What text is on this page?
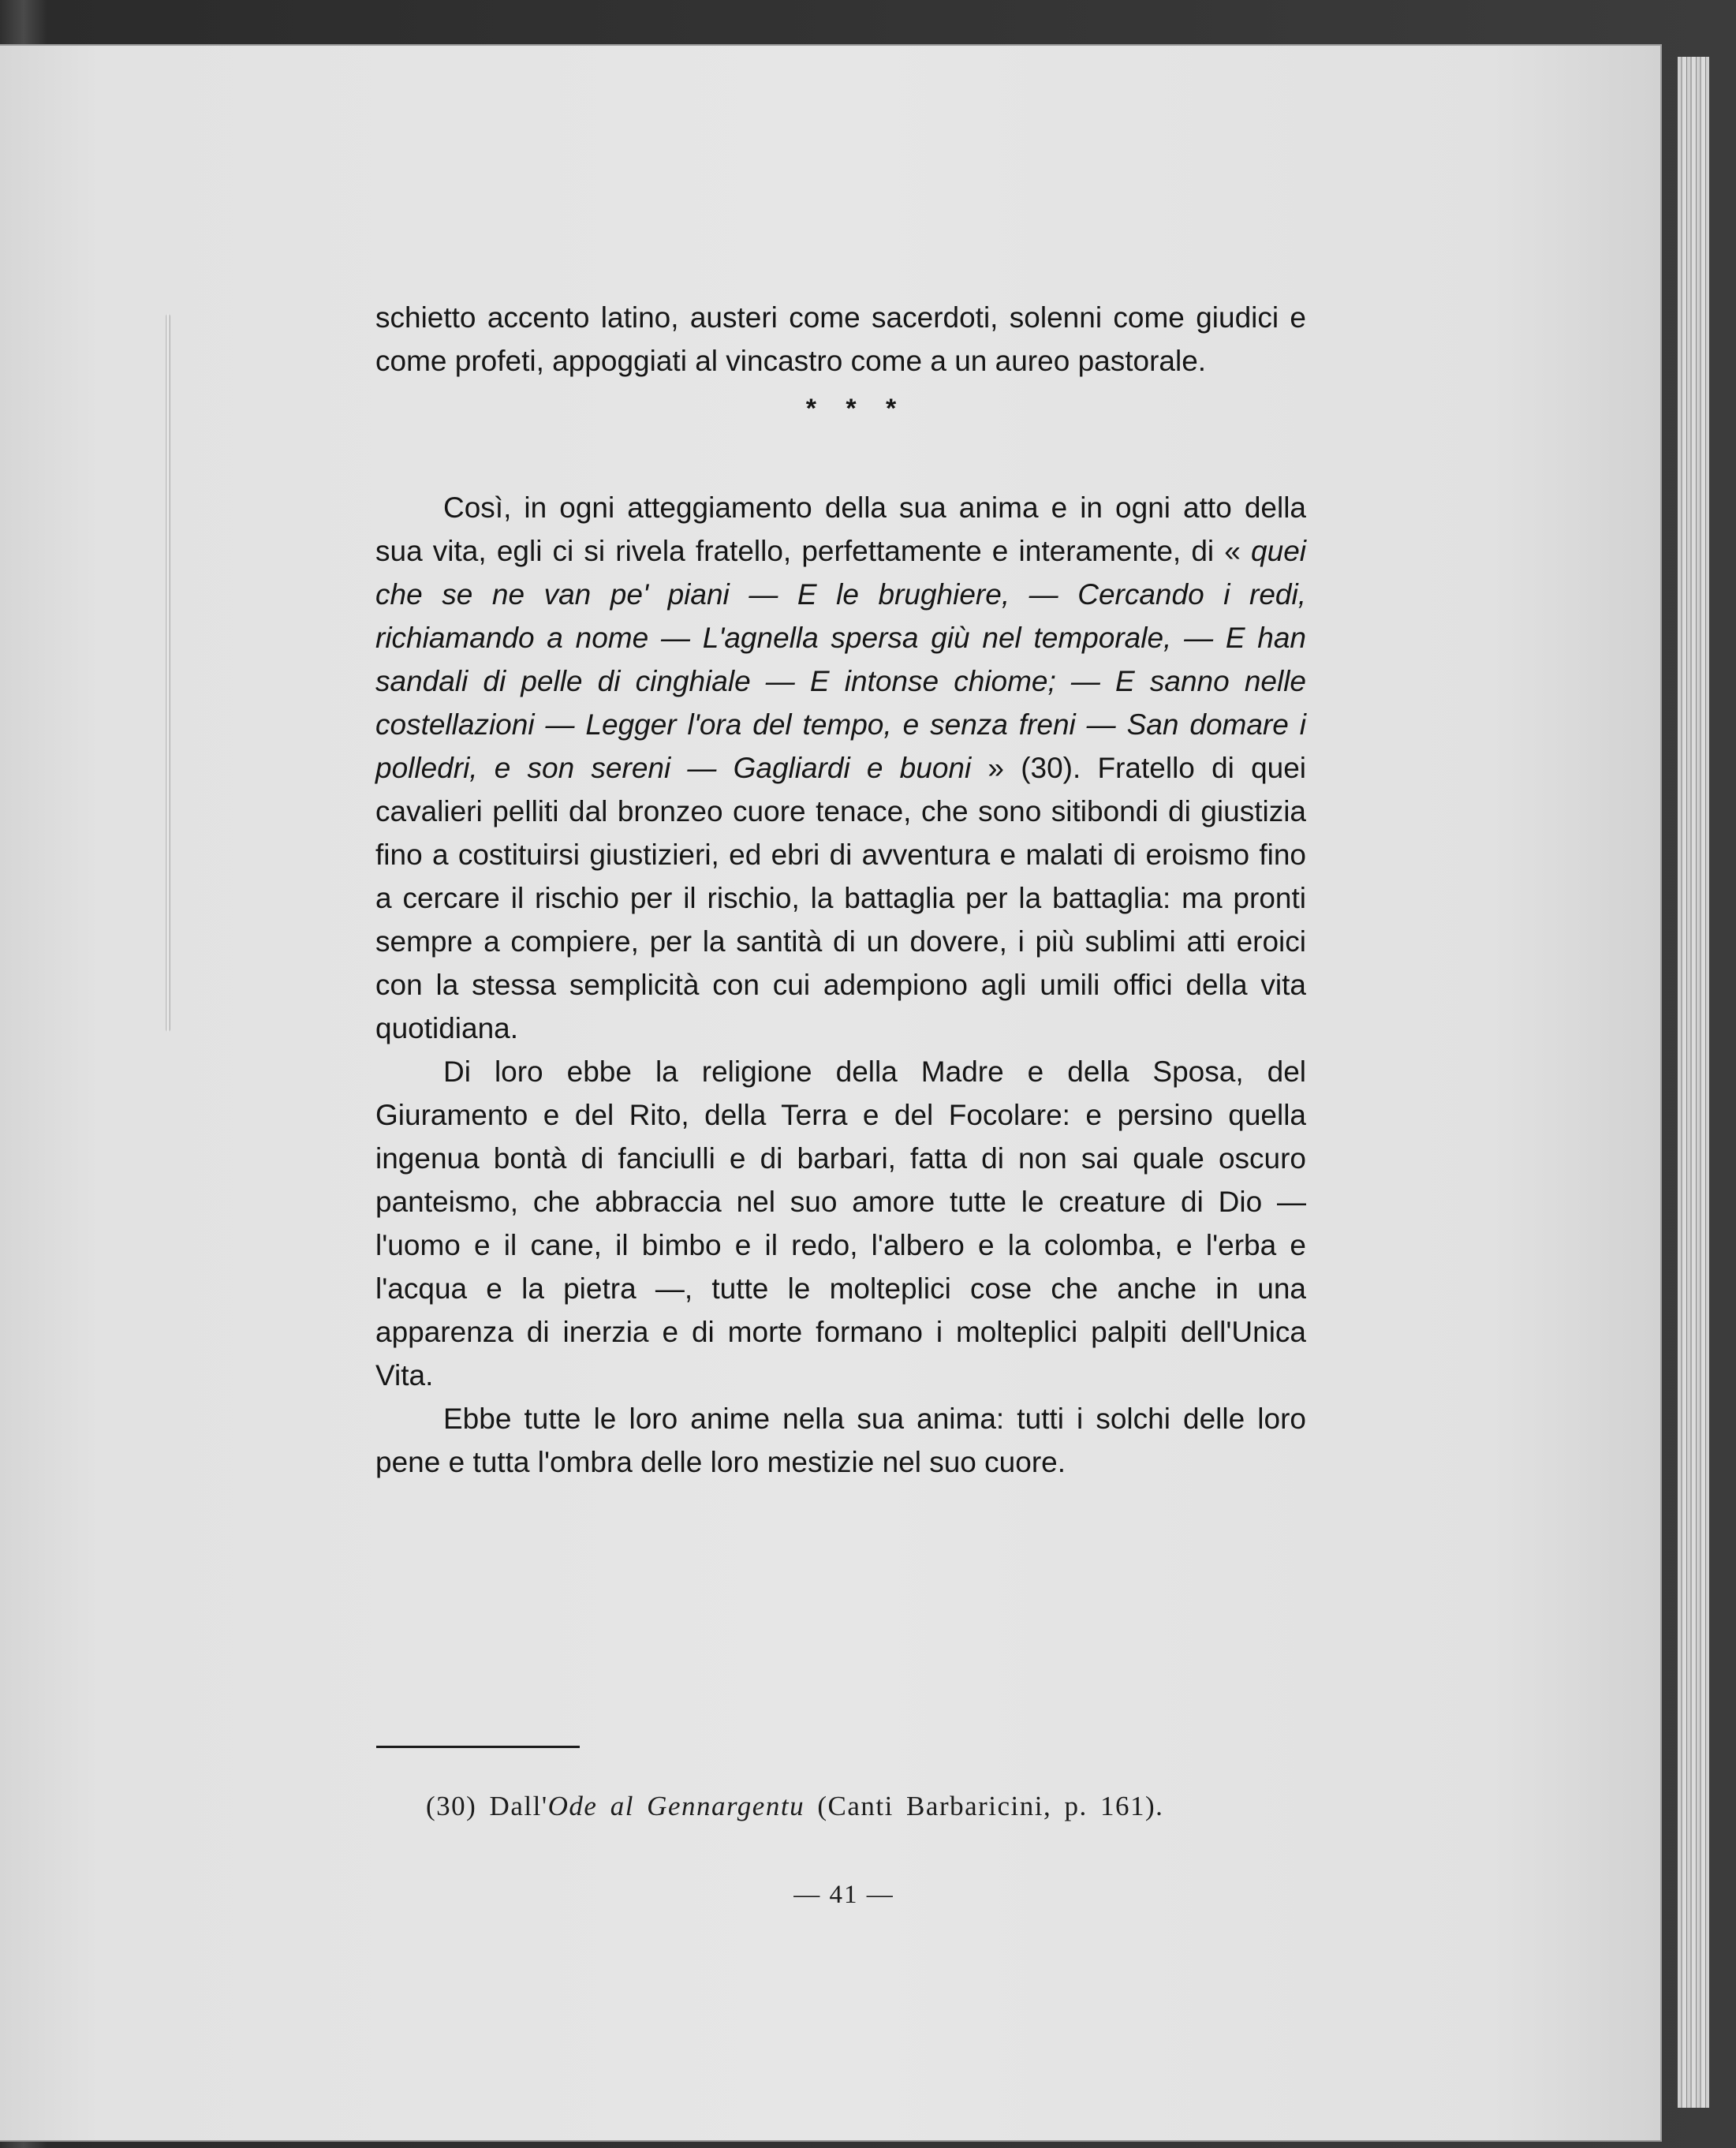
schietto accento latino, austeri come sacerdoti, solenni come giudici e come profeti, appoggiati al vincastro come a un aureo pastorale.

* * *

Così, in ogni atteggiamento della sua anima e in ogni atto della sua vita, egli ci si rivela fratello, perfettamente e interamente, di « quei che se ne van pe' piani — E le brughiere, — Cercando i redi, richiamando a nome — L'agnella spersa giù nel temporale, — E han sandali di pelle di cinghiale — E intonse chiome; — E sanno nelle costellazioni — Legger l'ora del tempo, e senza freni — San domare i polledri, e son sereni — Gagliardi e buoni » (30). Fratello di quei cavalieri pelliti dal bronzeo cuore tenace, che sono sitibondi di giustizia fino a costituirsi giustizieri, ed ebri di avventura e malati di eroismo fino a cercare il rischio per il rischio, la battaglia per la battaglia: ma pronti sempre a compiere, per la santità di un dovere, i più sublimi atti eroici con la stessa semplicità con cui adempiono agli umili offici della vita quotidiana.

Di loro ebbe la religione della Madre e della Sposa, del Giuramento e del Rito, della Terra e del Focolare: e persino quella ingenua bontà di fanciulli e di barbari, fatta di non sai quale oscuro panteismo, che abbraccia nel suo amore tutte le creature di Dio — l'uomo e il cane, il bimbo e il redo, l'albero e la colomba, e l'erba e l'acqua e la pietra —, tutte le molteplici cose che anche in una apparenza di inerzia e di morte formano i molteplici palpiti dell'Unica Vita.

Ebbe tutte le loro anime nella sua anima: tutti i solchi delle loro pene e tutta l'ombra delle loro mestizie nel suo cuore.

(30) Dall'Ode al Gennargentu (Canti Barbaricini, p. 161).
— 41 —
